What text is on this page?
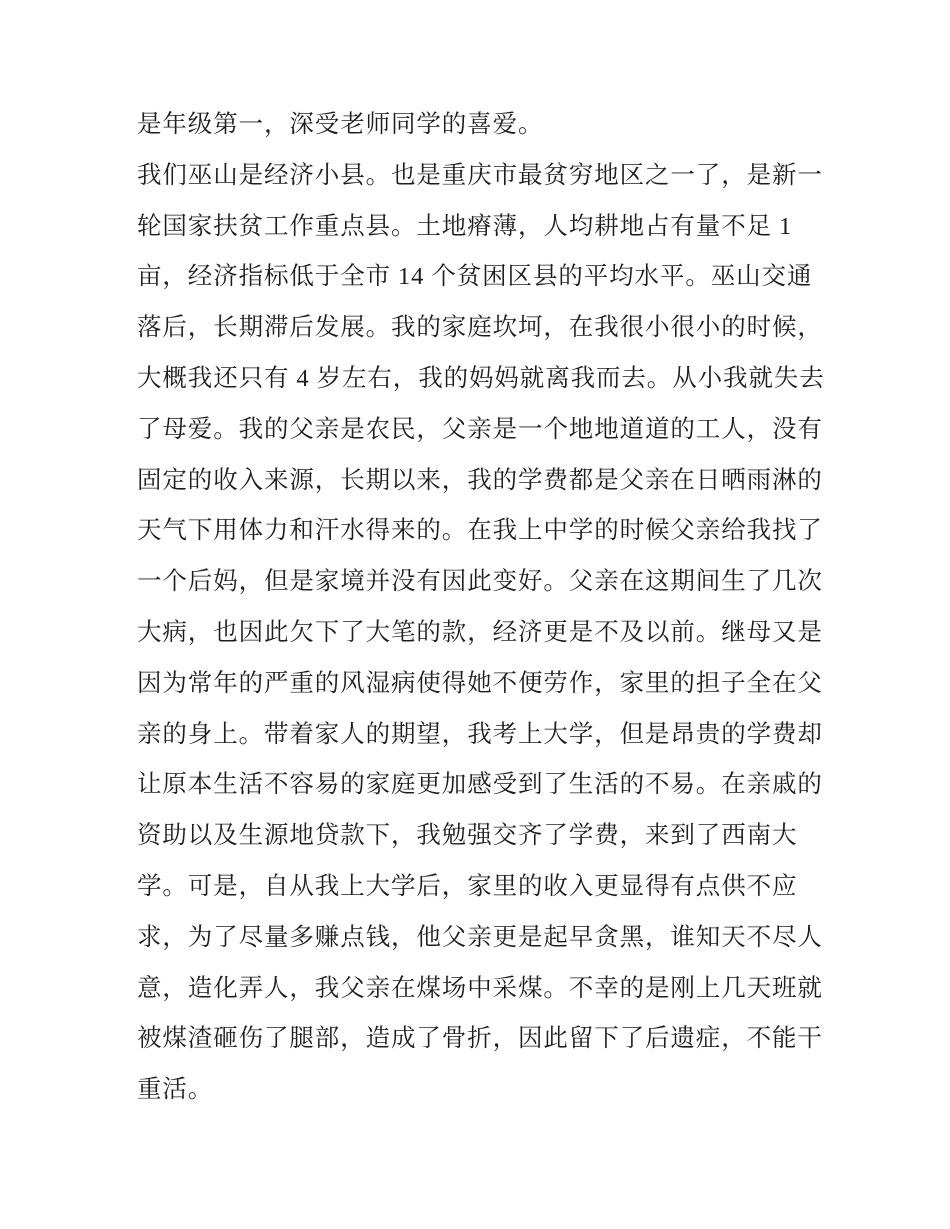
是年级第一，深受老师同学的喜爱。
我们巫山是经济小县。也是重庆市最贫穷地区之一了，是新一
轮国家扶贫工作重点县。土地瘠薄，人均耕地占有量不足 1
亩，经济指标低于全市 14 个贫困区县的平均水平。巫山交通
落后，长期滞后发展。我的家庭坎坷，在我很小很小的时候，
大概我还只有 4 岁左右，我的妈妈就离我而去。从小我就失去
了母爱。我的父亲是农民，父亲是一个地地道道的工人，没有
固定的收入来源，长期以来，我的学费都是父亲在日晒雨淋的
天气下用体力和汗水得来的。在我上中学的时候父亲给我找了
一个后妈，但是家境并没有因此变好。父亲在这期间生了几次
大病，也因此欠下了大笔的款，经济更是不及以前。继母又是
因为常年的严重的风湿病使得她不便劳作，家里的担子全在父
亲的身上。带着家人的期望，我考上大学，但是昂贵的学费却
让原本生活不容易的家庭更加感受到了生活的不易。在亲戚的
资助以及生源地贷款下，我勉强交齐了学费，来到了西南大
学。可是，自从我上大学后，家里的收入更显得有点供不应
求，为了尽量多赚点钱，他父亲更是起早贪黑，谁知天不尽人
意，造化弄人，我父亲在煤场中采煤。不幸的是刚上几天班就
被煤渣砸伤了腿部，造成了骨折，因此留下了后遗症，不能干
重活。
